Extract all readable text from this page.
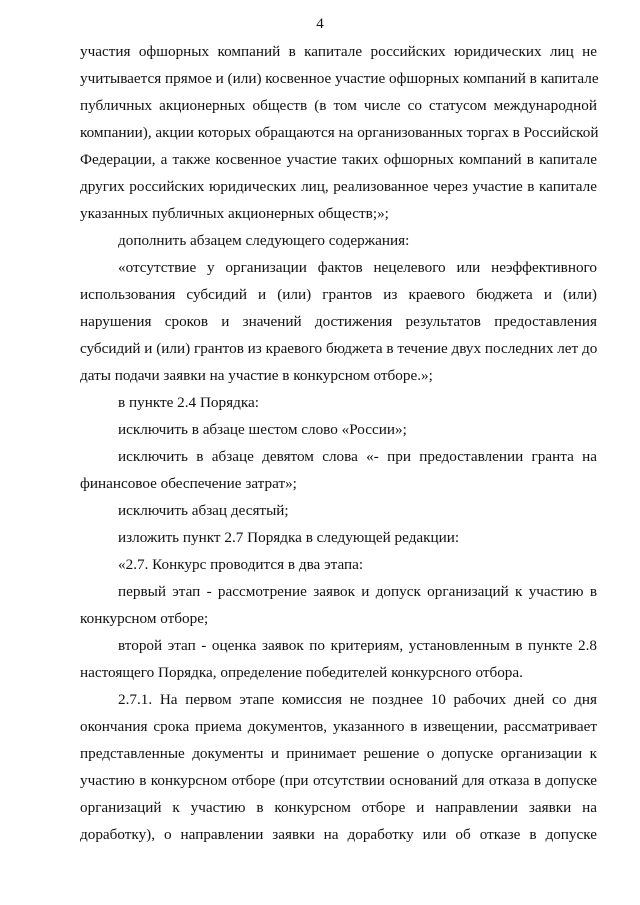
4
участия офшорных компаний в капитале российских юридических лиц не
учитывается прямое и (или) косвенное участие офшорных компаний в капитале
публичных акционерных обществ (в том числе со статусом международной
компании), акции которых обращаются на организованных торгах в Российской
Федерации, а также косвенное участие таких офшорных компаний в капитале
других российских юридических лиц, реализованное через участие в капитале
указанных публичных акционерных обществ;»;
дополнить абзацем следующего содержания:
«отсутствие у организации фактов нецелевого или неэффективного
использования субсидий и (или) грантов из краевого бюджета и (или)
нарушения сроков и значений достижения результатов предоставления
субсидий и (или) грантов из краевого бюджета в течение двух последних лет до
даты подачи заявки на участие в конкурсном отборе.»;
в пункте 2.4 Порядка:
исключить в абзаце шестом слово «России»;
исключить в абзаце девятом слова «- при предоставлении гранта на
финансовое обеспечение затрат»;
исключить абзац десятый;
изложить пункт 2.7 Порядка в следующей редакции:
«2.7. Конкурс проводится в два этапа:
первый этап - рассмотрение заявок и допуск организаций к участию в
конкурсном отборе;
второй этап - оценка заявок по критериям, установленным в пункте 2.8
настоящего Порядка, определение победителей конкурсного отбора.
2.7.1. На первом этапе комиссия не позднее 10 рабочих дней со дня
окончания срока приема документов, указанного в извещении, рассматривает
представленные документы и принимает решение о допуске организации к
участию в конкурсном отборе (при отсутствии оснований для отказа в допуске
организаций к участию в конкурсном отборе и направлении заявки на
доработку), о направлении заявки на доработку или об отказе в допуске
